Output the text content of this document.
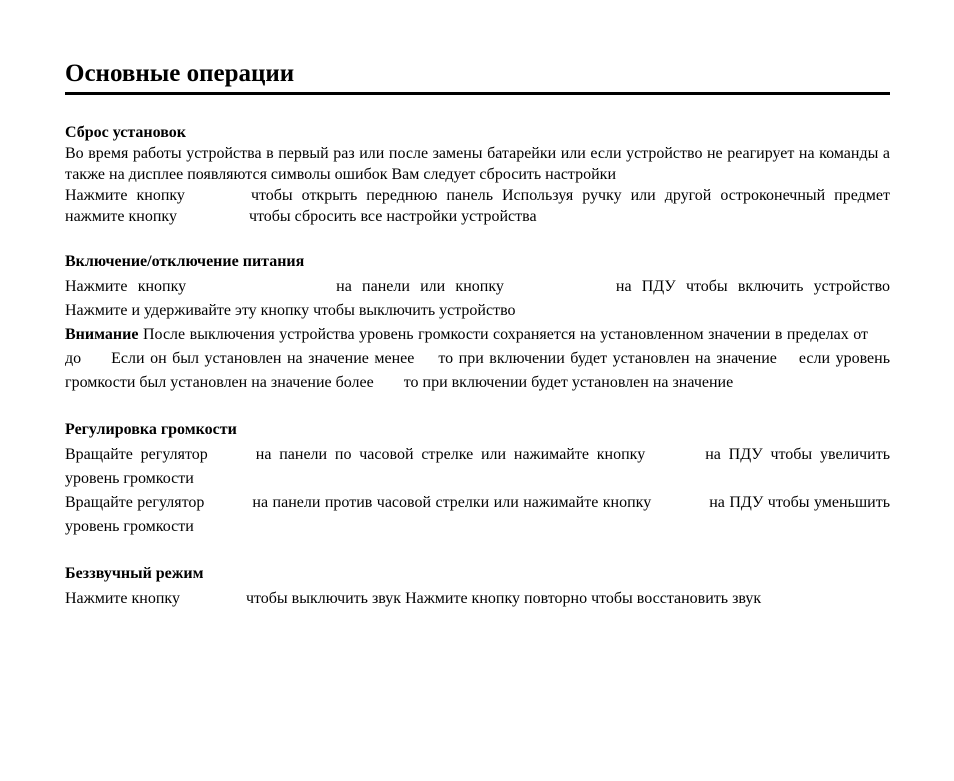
Основные операции
Сброс установок

Во время работы устройства в первый раз или после замены батарейки или если устройство не реагирует на команды а также на дисплее появляются символы ошибок Вам следует сбросить настройки

Нажмите кнопку	чтобы открыть переднюю панель Используя ручку или другой остроконечный предмет нажмите кнопку	чтобы сбросить все настройки устройства

Включение/отключение питания

Нажмите кнопку	на панели или кнопку	на ПДУ чтобы включить устройство Нажмите и удерживайте эту кнопку чтобы выключить устройство

Внимание После выключения устройства уровень громкости сохраняется на установленном значении в пределах отдо Если он был установлен на значение менее то при включении будет установлен на значение если уровень громкости был установлен на значение более то при включении будет установлен на значение

Регулировка громкости

Вращайте регулятор	на панели по часовой стрелке или нажимайте кнопку	на ПДУ чтобы увеличить уровень громкости

Вращайте регулятор	на панели против часовой стрелки или нажимайте кнопку	на ПДУ чтобы уменьшить уровень громкости

Беззвучный режим

Нажмите кнопку	чтобы выключить звук Нажмите кнопку повторно чтобы восстановить звук
